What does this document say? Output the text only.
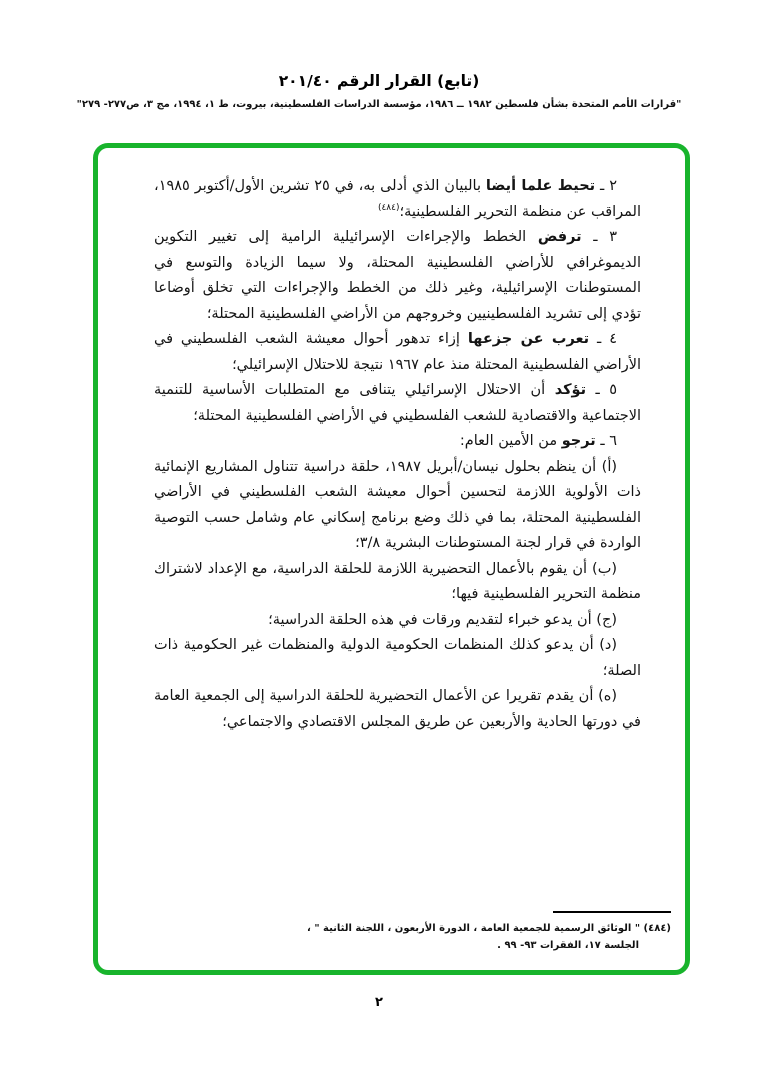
(تابع) القرار الرقم ٢٠١/٤٠
"قرارات الأمم المتحدة بشأن فلسطين ١٩٨٢ ــ ١٩٨٦، مؤسسة الدراسات الفلسطينية، بيروت، ط ١، ١٩٩٤، مج ٣، ص٢٧٧- ٢٧٩"

٢ ـ تحيط علما أيضا بالبيان الذي أدلى به، في ٢٥ تشرين الأول/أكتوبر ١٩٨٥، المراقب عن منظمة التحرير الفلسطينية؛$^{(٤٨٤)}$

٣ ـ ترفض الخطط والإجراءات الإسرائيلية الرامية إلى تغيير التكوين الديموغرافي للأراضي الفلسطينية المحتلة، ولا سيما الزيادة والتوسع في المستوطنات الإسرائيلية، وغير ذلك من الخطط والإجراءات التي تخلق أوضاعا تؤدي إلى تشريد الفلسطينيين وخروجهم من الأراضي الفلسطينية المحتلة؛

٤ ـ تعرب عن جزعها إزاء تدهور أحوال معيشة الشعب الفلسطيني في الأراضي الفلسطينية المحتلة منذ عام ١٩٦٧ نتيجة للاحتلال الإسرائيلي؛

٥ ـ تؤكد أن الاحتلال الإسرائيلي يتنافى مع المتطلبات الأساسية للتنمية الاجتماعية والاقتصادية للشعب الفلسطيني في الأراضي الفلسطينية المحتلة؛

٦ ـ ترجو من الأمين العام:

(أ) أن ينظم بحلول نيسان/أبريل ١٩٨٧، حلقة دراسية تتناول المشاريع الإنمائية ذات الأولوية اللازمة لتحسين أحوال معيشة الشعب الفلسطيني في الأراضي الفلسطينية المحتلة، بما في ذلك وضع برنامج إسكاني عام وشامل حسب التوصية الواردة في قرار لجنة المستوطنات البشرية ٣/٨؛

(ب) أن يقوم بالأعمال التحضيرية اللازمة للحلقة الدراسية، مع الإعداد لاشتراك منظمة التحرير الفلسطينية فيها؛

(ج) أن يدعو خبراء لتقديم ورقات في هذه الحلقة الدراسية؛

(د) أن يدعو كذلك المنظمات الحكومية الدولية والمنظمات غير الحكومية ذات الصلة؛

(ه) أن يقدم تقريرا عن الأعمال التحضيرية للحلقة الدراسية إلى الجمعية العامة في دورتها الحادية والأربعين عن طريق المجلس الاقتصادي والاجتماعي؛

(٤٨٤) " الوثائق الرسمية للجمعية العامة ، الدورة الأربعون ، اللجنة الثانية " ،
الجلسة ١٧، الفقرات ٩٣- ٩٩ .
٢
